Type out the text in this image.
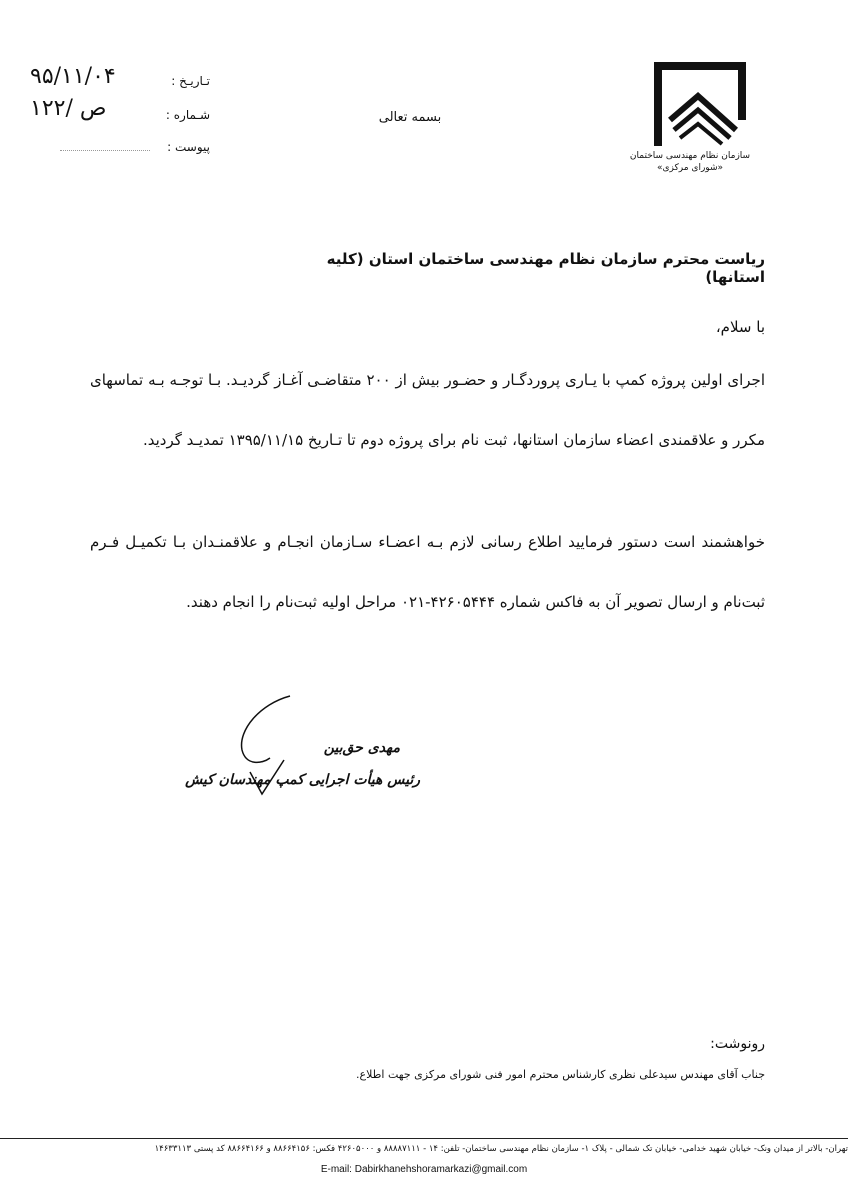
سازمان نظام مهندسی ساختمان
«شورای مرکزی»
بسمه تعالی
تـاریـخ :
۹۵/۱۱/۰۴
شـماره :
۱۲۲/ ص
پیوست :
ریاست محترم سازمان نظام مهندسی ساختمان استان (کلیه استانها)
با سلام،
اجرای اولین پروژه کمپ با یـاری پروردگـار و حضـور بیش از ۲۰۰ متقاضـی آغـاز گردیـد. بـا توجـه بـه تماسهای مکرر و علاقمندی اعضاء سازمان استانها، ثبت نام برای پروژه دوم تا تـاریخ ۱۳۹۵/۱۱/۱۵ تمدیـد گردید.
خواهشمند است دستور فرمایید اطلاع رسانی لازم بـه اعضـاء سـازمان انجـام و علاقمنـدان بـا تکمیـل فـرم ثبت‌نام و ارسال تصویر آن به فاکس شماره ۴۲۶۰۵۴۴۴-۰۲۱ مراحل اولیه ثبت‌نام را انجام دهند.
مهدی حق‌بین
رئیس هیأت اجرایی کمپ مهندسان کیش
رونوشت:
جناب آقای مهندس سیدعلی نظری کارشناس محترم امور فنی شورای مرکزی جهت اطلاع.
تهران- بالاتر از میدان ونک- خیابان شهید خدامی- خیابان تک شمالی - پلاک ۱- سازمان نظام مهندسی ساختمان- تلفن: ۱۴ - ۸۸۸۸۷۱۱۱ و ۴۲۶۰۵۰۰۰ فکس: ۸۸۶۶۴۱۵۶ و ۸۸۶۶۴۱۶۶ کد پستی ۱۴۶۳۳۱۱۳
E-mail: Dabirkhanehshoramarkazi@gmail.com
